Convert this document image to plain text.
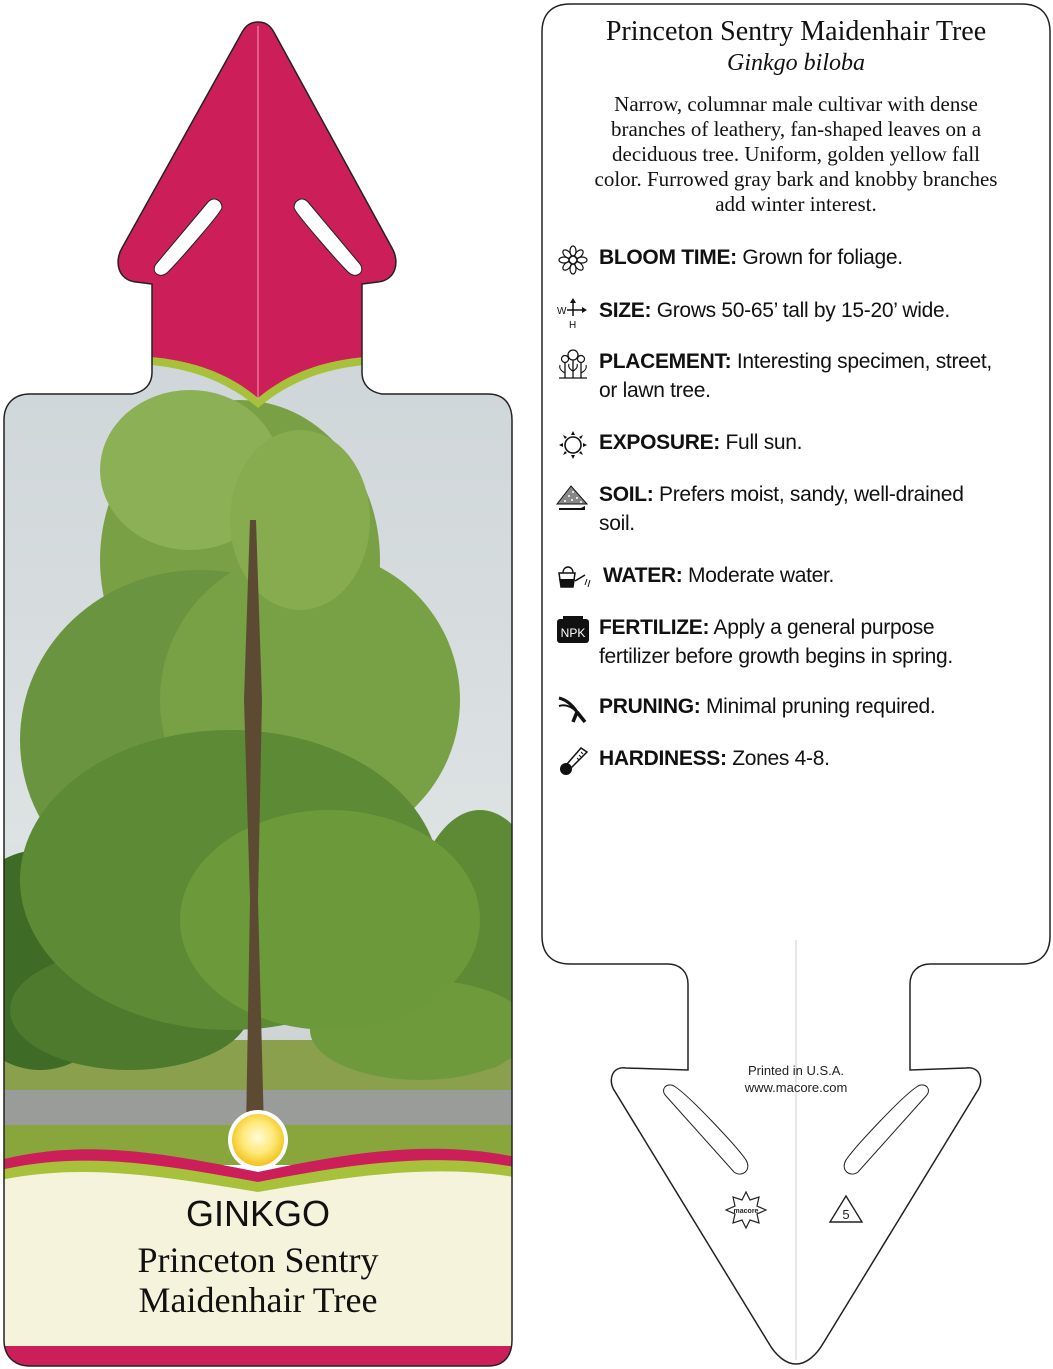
GINKGO
Princeton Sentry
Maidenhair Tree
Printed in U.S.A.
www.macore.com
macore	5
Princeton Sentry Maidenhair Tree
Ginkgo biloba
Narrow, columnar male cultivar with dense
branches of leathery, fan-shaped leaves on a
deciduous tree. Uniform, golden yellow fall
color. Furrowed gray bark and knobby branches
add winter interest.
BLOOM TIME: Grown for foliage.
W
H
SIZE: Grows 50-65’ tall by 15-20’ wide.
PLACEMENT: Interesting specimen, street,
or lawn tree.
EXPOSURE: Full sun.
SOIL: Prefers moist, sandy, well-drained
soil.
WATER: Moderate water.
NPK FERTILIZE: Apply a general purpose
fertilizer before growth begins in spring.
PRUNING: Minimal pruning required.
HARDINESS: Zones 4-8.
